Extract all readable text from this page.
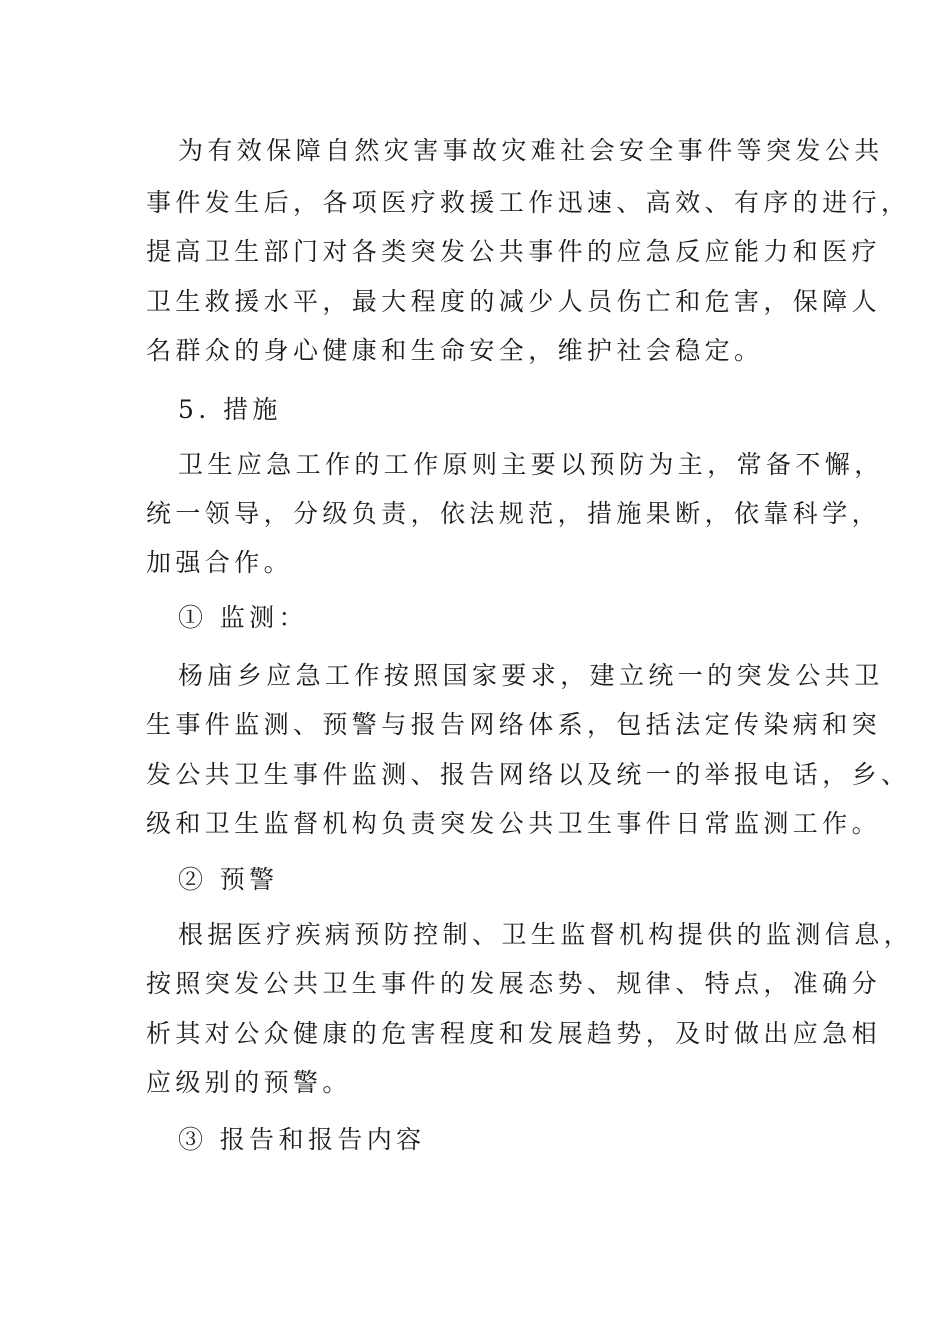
为有效保障自然灾害事故灾难社会安全事件等突发公共
事件发生后，各项医疗救援工作迅速、高效、有序的进行，
提高卫生部门对各类突发公共事件的应急反应能力和医疗
卫生救援水平，最大程度的减少人员伤亡和危害，保障人
名群众的身心健康和生命安全，维护社会稳定。
5. 措施
卫生应急工作的工作原则主要以预防为主，常备不懈，
统一领导，分级负责，依法规范，措施果断，依靠科学，
加强合作。
① 监测：
杨庙乡应急工作按照国家要求，建立统一的突发公共卫
生事件监测、预警与报告网络体系，包括法定传染病和突
发公共卫生事件监测、报告网络以及统一的举报电话，乡、
级和卫生监督机构负责突发公共卫生事件日常监测工作。
② 预警
根据医疗疾病预防控制、卫生监督机构提供的监测信息，
按照突发公共卫生事件的发展态势、规律、特点，准确分
析其对公众健康的危害程度和发展趋势，及时做出应急相
应级别的预警。
③ 报告和报告内容
